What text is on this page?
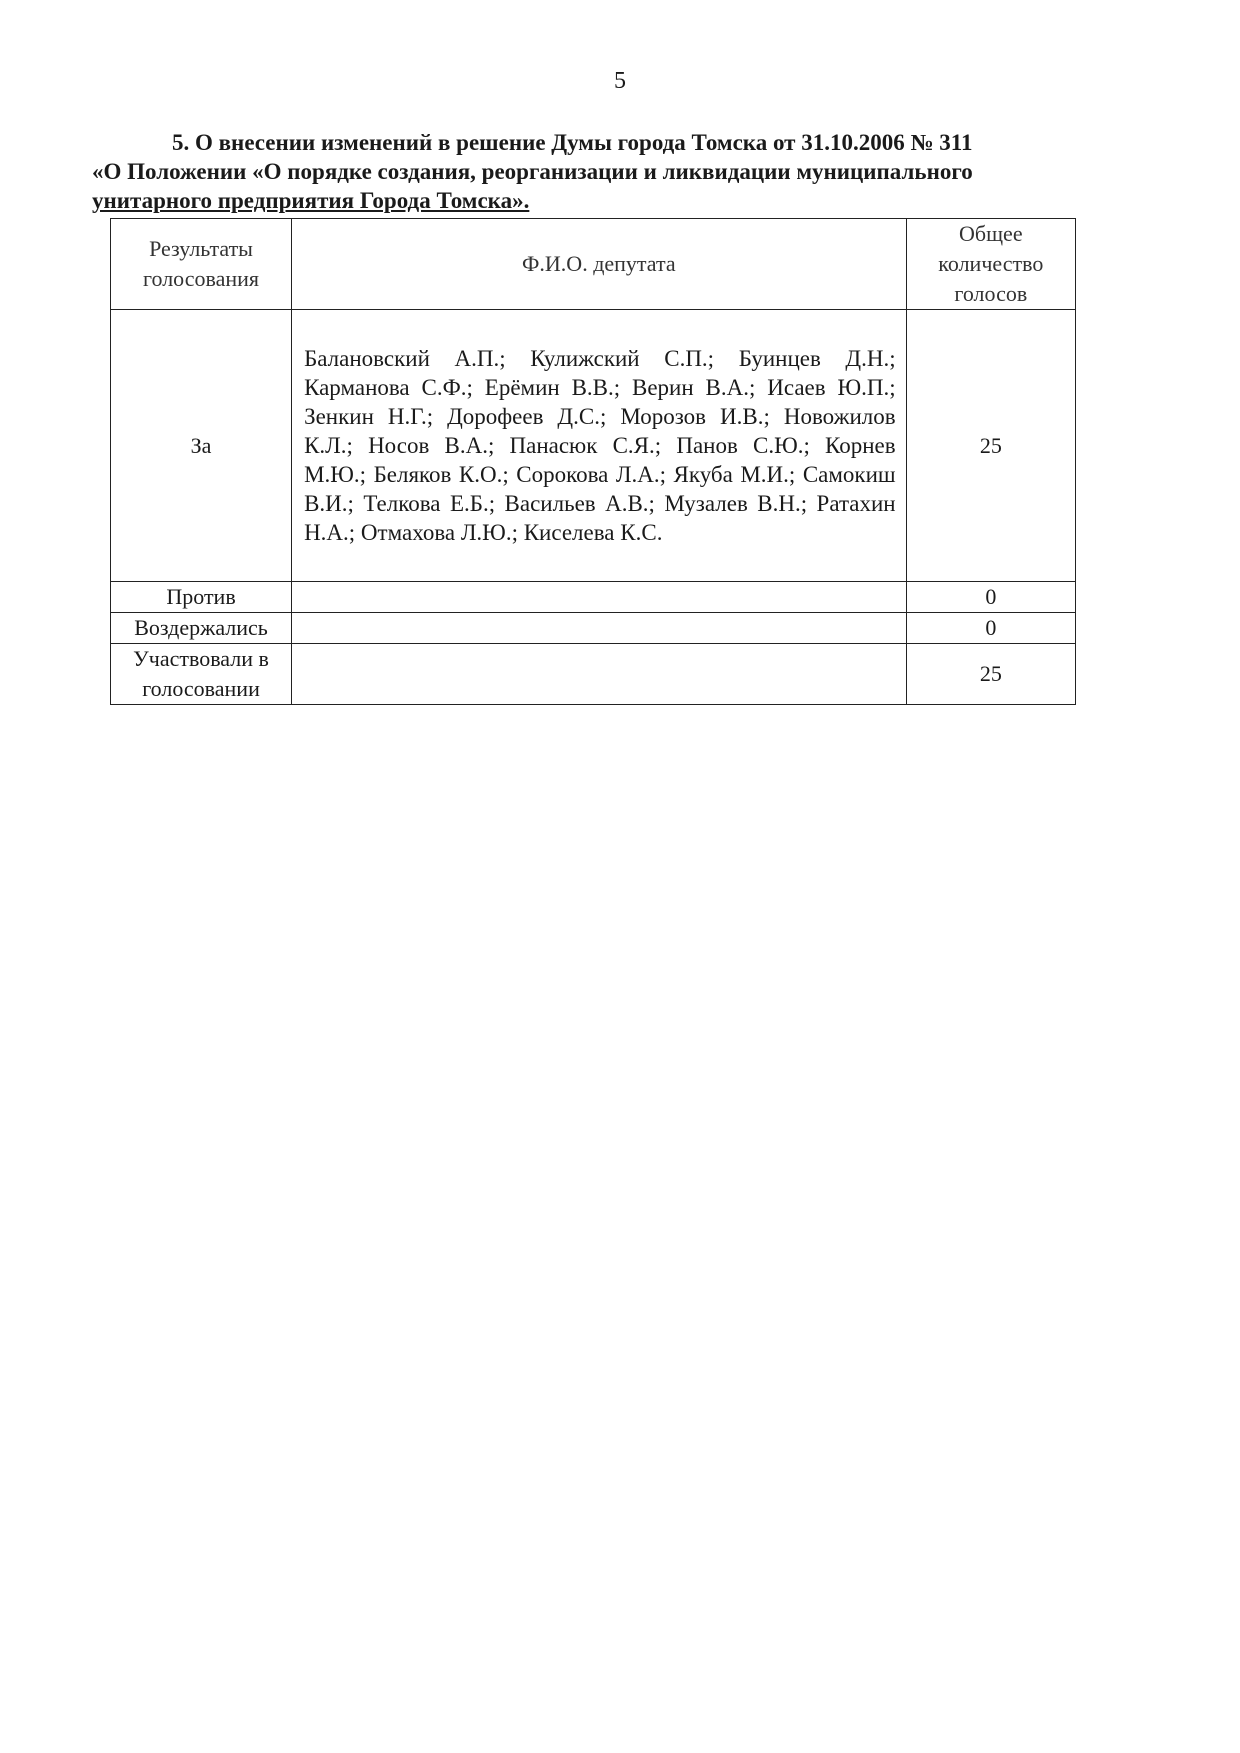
5
5. О внесении изменений в решение Думы города Томска от 31.10.2006 № 311
«О Положении «О порядке создания, реорганизации и ликвидации муниципального
унитарного предприятия Города Томска».
Результаты голосования	Ф.И.О. депутата	Общее количество голосов
За	Балановский А.П.; Кулижский С.П.; Буинцев Д.Н.; Карманова С.Ф.; Ерёмин В.В.; Верин В.А.; Исаев Ю.П.; Зенкин Н.Г.; Дорофеев Д.С.; Морозов И.В.; Новожилов К.Л.; Носов В.А.; Панасюк С.Я.; Панов С.Ю.; Корнев М.Ю.; Беляков К.О.; Сорокова Л.А.; Якуба М.И.; Самокиш В.И.; Телкова Е.Б.; Васильев А.В.; Музалев В.Н.; Ратахин Н.А.; Отмахова Л.Ю.; Киселева К.С.	25
Против		0
Воздержались		0
Участвовали в голосовании		25
